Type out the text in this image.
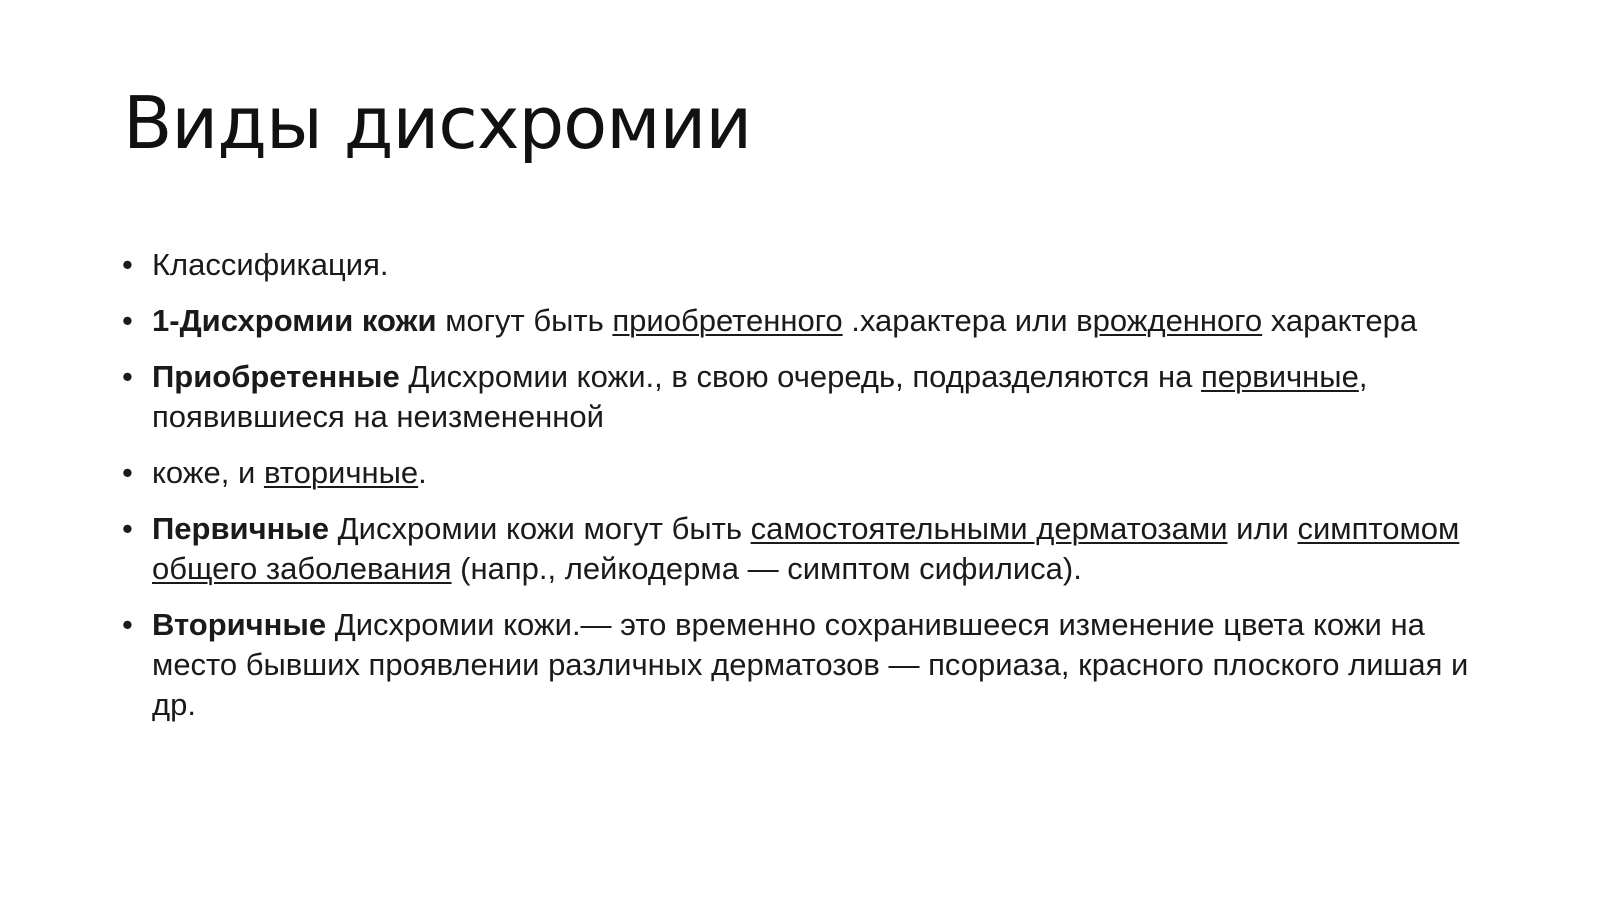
Виды дисхромии
• Классификация.
• 1-Дисхромии кожи могут быть приобретенного .характера или врожденного характера
• Приобретенные Дисхромии кожи., в свою очередь, подразделяются на первичные, появившиеся на неизмененной
• коже, и вторичные.
• Первичные Дисхромии кожи могут быть самостоятельными дерматозами или симптомом общего заболевания (напр., лейкодерма — симптом сифилиса).
• Вторичные Дисхромии кожи.— это временно сохранившееся изменение цвета кожи на место бывших проявлении различных дерматозов — псориаза, красного плоского лишая и др.
